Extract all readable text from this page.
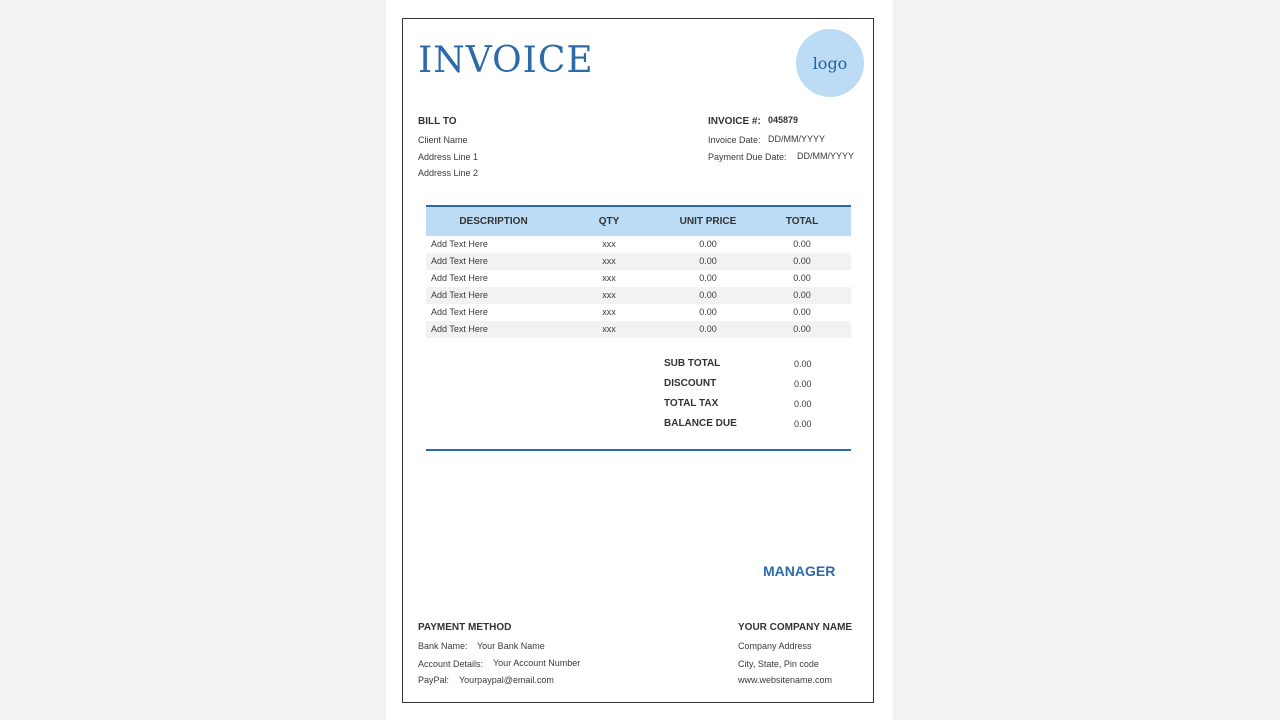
INVOICE	logo
BILL TO
Client Name
Address Line 1
Address Line 2
INVOICE #: 045879
Invoice Date: DD/MM/YYYY
Payment Due Date: DD/MM/YYYY
DESCRIPTION	QTY	UNIT PRICE	TOTAL
Add Text Here	xxx	0.00	0.00
Add Text Here	xxx	0.00	0.00
Add Text Here	xxx	0.00	0.00
Add Text Here	xxx	0.00	0.00
Add Text Here	xxx	0.00	0.00
Add Text Here	xxx	0.00	0.00
SUB TOTAL	0.00
DISCOUNT	0.00
TOTAL TAX	0.00
BALANCE DUE	0.00
MANAGER
PAYMENT METHOD
Bank Name: Your Bank Name
Account Details: Your Account Number
PayPal: Yourpaypal@email.com
YOUR COMPANY NAME
Company Address
City, State, Pin code
www.websitename.com
